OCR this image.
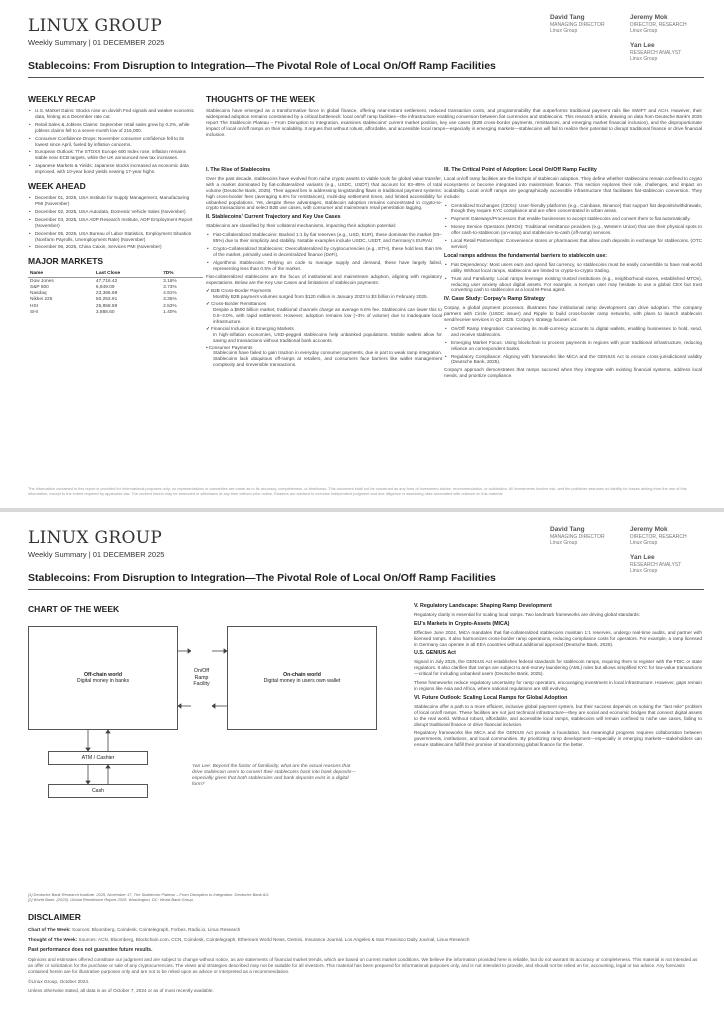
LINUX GROUP
Weekly Summary | 01 DECEMBER 2025
David Tang
MANAGING DIRECTOR
Linux Group
Jeremy Mok
DIRECTOR, RESEARCH
Linux Group
Yan Lee
RESEARCH ANALYST
Linux Group
Stablecoins: From Disruption to Integration—The Pivotal Role of Local On/Off Ramp Facilities
WEEKLY RECAP
• U.S. Market Gains: Stocks rose on dovish Fed signals and weaker economic data, hinting at a December rate cut.
• Retail Sales & Jobless Claims: September retail sales grew by 0.2%, while jobless claims fell to a seven-month low of 216,000.
• Consumer Confidence Drops: November consumer confidence fell to its lowest since April, fueled by inflation concerns.
• European Outlook: The STOXX Europe 600 Index rose; inflation remains stable near ECB targets, while the UK announced new tax increases.
• Japanese Markets & Yields: Japanese stocks increased as economic data improved, with 10-year bond yields nearing 17-year highs.
WEEK AHEAD
• December 01, 2025, USA Institute for Supply Management, Manufacturing PMI (November)
• December 02, 2025, USA Autodata, Domestic Vehicle Sales (November)
• December 03, 2025, USA ADP Research Institute, ADP Employment Report (November)
• December 05, 2025, USA Bureau of Labor Statistics, Employment Situation (Nonfarm Payrolls, Unemployment Rate) (November)
• December 06, 2025, China Caixin, Services PMI (November)
MAJOR MARKETS
Name	Last Close	7D%
Dow Jones	47,716.42	3.18%
S&P 500	6,849.09	3.73%
Nasdaq	23,365.69	4.91%
Nikkei 225	50,253.91	3.35%
HSI	25,858.89	2.53%
SHI	3,888.60	1.40%
THOUGHTS OF THE WEEK
Stablecoins have emerged as a transformative force in global finance, offering near-instant settlement, reduced transaction costs, and programmability that outperforms traditional payment rails like SWIFT and ACH. However, their widespread adoption remains constrained by a critical bottleneck: local on/off ramp facilities—the infrastructure enabling conversion between fiat currencies and stablecoins. This research article, drawing on data from Deutsche Bank's 2025 report The Stablecoin Plateau – From Disruption to Integration, examines stablecoins' current market position, key use cases (B2B cross-border payments, remittances, and emerging market financial inclusion), and the disproportionate impact of local on/off ramps on their scalability. It argues that without robust, affordable, and accessible local ramps—especially in emerging markets—stablecoins will fail to realize their potential to disrupt traditional finance or drive financial inclusion.
I. The Rise of Stablecoins

Over the past decade, stablecoins have evolved from niche crypto assets to viable tools for global value transfer, with a market dominated by fiat-collateralized variants (e.g., USDC, USDT) that account for 83–85% of total volume (Deutsche Bank, 2025). Their appeal lies in addressing longstanding flaws in traditional payment systems: high cross-border fees (averaging 6.6% for remittances), multi-day settlement times, and limited accessibility for unbanked populations. Yet, despite these advantages, stablecoin adoption remains concentrated in crypto-to-crypto transactions and select B2B use cases, with consumer and mainstream retail penetration lagging.

II. Stablecoins' Current Trajectory and Key Use Cases

Stablecoins are classified by their collateral mechanisms, impacting their adoption potential:

• Fiat-Collateralized Stablecoins: Backed 1:1 by fiat reserves (e.g., USD, EUR), these dominate the market (83–85%) due to their simplicity and stability. Notable examples include USDC, USDT, and Germany's EURAU.
• Crypto-Collateralized Stablecoins: Overcollateralized by cryptocurrencies (e.g., ETH), these hold less than 5% of the market, primarily used in decentralized finance (DeFi).
• Algorithmic Stablecoins: Relying on code to manage supply and demand, these have largely failed, representing less than 0.5% of the market.

Fiat-collateralized stablecoins are the focus of institutional and mainstream adoption, aligning with regulatory expectations. Below are the Key Use Cases and limitations of stablecoin payments:

✓B2B Cross-Border Payments
Monthly B2B payment volumes surged from $120 million in January 2023 to $3 billion in February 2025.
✓Cross-Border Remittances
Despite a $600 billion market, traditional channels charge an average 6.6% fee. Stablecoins can lower this to 0.5–3.0%, with rapid settlement. However, adoption remains low (~3% of volume) due to inadequate local infrastructure.
✓Financial Inclusion in Emerging Markets
In high-inflation economies, USD-pegged stablecoins help unbanked populations. Mobile wallets allow for saving and transactions without traditional bank accounts.
•Consumer Payments
Stablecoins have failed to gain traction in everyday consumer payments, due in part to weak ramp integration. Stablecoins lack ubiquitous off-ramps at retailers, and consumers face barriers like wallet management complexity and irreversible transactions.
III. The Critical Point of Adoption: Local On/Off Ramp Facility

Local on/off ramp facilities are the linchpin of stablecoin adoption. They define whether stablecoins remain confined to crypto ecosystems or become integrated into mainstream finance. This section explores their role, challenges, and impact on scalability. Local on/off ramps are geographically accessible infrastructure that facilitates fiat-stablecoin conversion. They include:

• Centralized Exchanges (CEXs): User-friendly platforms (e.g., Coinbase, Binance) that support fiat deposits/withdrawals, though they require KYC compliance and are often concentrated in urban areas.
• Payment Gateways/Processors that enable businesses to accept stablecoins and convert them to fiat automatically.
• Money Service Operators (MSOs): Traditional remittance providers (e.g., Western Union) that use their physical spots to offer cash-to-stablecoin (on-ramp) and stablecoin-to-cash (off-ramp) services.
• Local Retail Partnerships: Convenience stores or pharmacies that allow cash deposits in exchange for stablecoins. (OTC service)
Local ramps address the fundamental barriers to stablecoin use:
• Fiat Dependency: Most users earn and spend fiat currency, so stablecoins must be easily convertible to have real-world utility. Without local ramps, stablecoins are limited to crypto-to-crypto trading.
• Trust and Familiarity: Local ramps leverage existing trusted institutions (e.g., neighborhood stores, established MTOs), reducing user anxiety about digital assets. For example, a Kenyan user may hesitate to use a global CEX but trust converting cash to stablecoins at a local M-Pesa agent.
IV. Case Study: Corpay's Ramp Strategy

Corpay, a global payment processor, illustrates how institutional ramp development can drive adoption. The company partners with Circle (USDC issuer) and Ripple to build cross-border ramp networks, with plans to launch stablecoin send/receive services in Q4 2025. Corpay's strategy focuses on:

• On/Off Ramp Integration: Connecting its multi-currency accounts to digital wallets, enabling businesses to hold, send, and receive stablecoins.
• Emerging Market Focus: Using blockchain to process payments in regions with poor traditional infrastructure, reducing reliance on correspondent banks.
• Regulatory Compliance: Aligning with frameworks like MiCA and the GENIUS Act to ensure cross-jurisdictional validity (Deutsche Bank, 2025).

Corpay's approach demonstrates that ramps succeed when they integrate with existing financial systems, address local needs, and prioritize compliance.

The information contained in this report is provided for informational purposes only; no representations or warranties are made as to its accuracy, completeness, or timeliness. This document shall not be construed as any form of investment advice, recommendation, or solicitation. All investments involve risk, and the publisher assumes no liability for losses arising from the use of this information, except to the extent required by applicable law. The content herein may be amended or withdrawn at any time without prior notice. Readers are advised to exercise independent judgment and due diligence in assessing risks associated with reliance on this material.
LINUX GROUP
Weekly Summary | 01 DECEMBER 2025
David Tang
MANAGING DIRECTOR
Linux Group
Jeremy Mok
DIRECTOR, RESEARCH
Linux Group
Yan Lee
RESEARCH ANALYST
Linux Group
Stablecoins: From Disruption to Integration—The Pivotal Role of Local On/Off Ramp Facilities
CHART OF THE WEEK
Off-chain world
Digital money in banks
On/Off Ramp Facility
On-chain world
Digital money in users own wallet
ATM / Cashier
Cash
Yan Lee: Beyond the factor of familiarity, what are the actual reasons that drive stablecoin users to convert their stablecoins back into bank deposits—especially given that both stablecoins and bank deposits exist in a digital form?
V. Regulatory Landscape: Shaping Ramp Development

Regulatory clarity is essential for scaling local ramps. Two landmark frameworks are driving global standards:

EU's Markets in Crypto-Assets (MICA)

Effective June 2024, MiCA mandates that fiat-collateralized stablecoins maintain 1:1 reserves, undergo real-time audits, and partner with licensed ramps. It also harmonizes cross-border ramp operations, reducing compliance costs for operators. For example, a ramp licensed in Germany can operate in all EEA countries without additional approval (Deutsche Bank, 2025).

U.S. GENIUS Act

Signed in July 2025, the GENIUS Act establishes federal standards for stablecoin ramps, requiring them to register with the FDIC or state regulators. It also clarifies that ramps are subject to anti-money laundering (AML) rules but allows simplified KYC for low-value transactions—critical for including unbanked users (Deutsche Bank, 2025).

These frameworks reduce regulatory uncertainty for ramp operators, encouraging investment in local infrastructure. However, gaps remain in regions like Asia and Africa, where national regulations are still evolving.

VI. Future Outlook: Scaling Local Ramps for Global Adoption

Stablecoins offer a path to a more efficient, inclusive global payment system, but their success depends on solving the "last mile" problem of local on/off ramps. These facilities are not just technical infrastructure—they are social and economic bridges that connect digital assets to the real world. Without robust, affordable, and accessible local ramps, stablecoins will remain confined to niche use cases, failing to disrupt traditional finance or drive financial inclusion.

Regulatory frameworks like MiCA and the GENIUS Act provide a foundation, but meaningful progress requires collaboration between governments, institutions, and local communities. By prioritizing ramp development—especially in emerging markets—stakeholders can ensure stablecoins fulfill their promise of transforming global finance for the better.

[1] Deutsche Bank Research Institute. 2025, November 17. The Stablecoin Plateau – From Disruption to Integration. Deutsche Bank AG.
[2] World Bank. (2025). Global Remittance Report 2025. Washington, DC: World Bank Group.
DISCLAIMER
Chart of The Week: Sources: Bloomberg, Coindesk, Cointelegraph, Forbes, Radix.io, Linux Research
Thought of The Week: Sources: ACN, Bloomberg, Blockchain.com, CCN, Coindesk, Cointelegraph, Ethereum World News, Gemini, Insurance Journal, Los Angeles & San Francisco Daily Journal, Linux Research
Past performance does not guarantee future results.
Opinions and estimates offered constitute our judgment and are subject to change without notice, as are statements of financial market trends, which are based on current market conditions. We believe the information provided here is reliable, but do not warrant its accuracy or completeness. This material is not intended as an offer or solicitation for the purchase or sale of any cryptocurrencies. The views and strategies described may not be suitable for all investors. This material has been prepared for informational purposes only, and is not intended to provide, and should not be relied on for, accounting, legal or tax advice. Any forecasts contained herein are for illustrative purposes only and are not to be relied upon as advice or interpreted as a recommendation.
©Linux Group, October 2024.
Unless otherwise stated, all data is as of October 7, 2024 or as of most recently available.
